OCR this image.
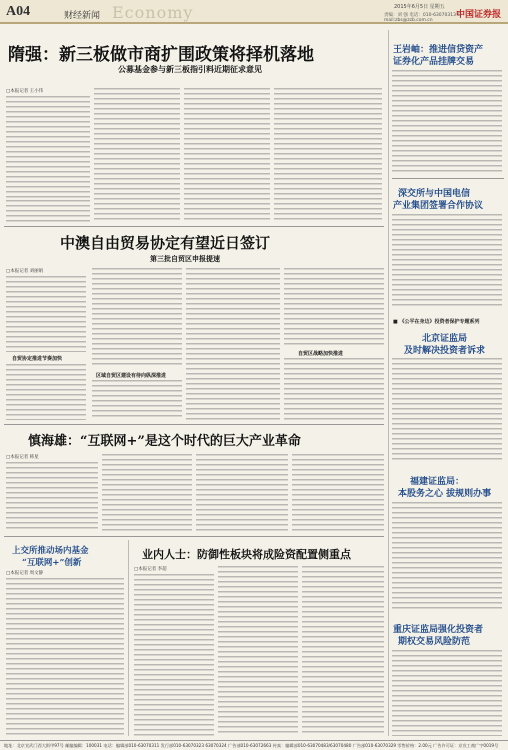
A04	财经新闻 Economy	2015年6月5日 星期五
责编：刘 强 电话：010-63070313 E-mail:zbs@zzb.com.cn
中国证券报
隋强：新三板做市商扩围政策将择机落地
公募基金参与新三板指引料近期征求意见
□本报记者 王小伟
王岩岫：推进信贷资产
证券化产品挂牌交易
深交所与中国电信
产业集团签署合作协议
■ 《公平在身边》投资者保护专题系列
北京证监局
及时解决投资者诉求
福建证监局：
本股务之心 拔规则办事
重庆证监局强化投资者
期权交易风险防范
中澳自由贸易协定有望近日签订
第三批自贸区申报提速
□本报记者 刘丽娟
自贸协定推进节奏加快
区域自贸区建设有待向纵深推进
自贸区战略加快推进
慎海雄：“互联网+”是这个时代的巨大产业革命
□本报记者 韩星
上交所推动场内基金
“互联网+”创新
□本报记者 周文静
业内人士：防御性板块将成险资配置侧重点
□本报记者 李超
地址：北京宣武门西大街甲97号 邮编编辑：100031 电话：编辑部010-63070311 发行部010-63070323 63070324 广告部010-63072663 传真：编辑部010-63070483/63070480 广告部010-63070329 零售价格：2.00元 广告许可证：京宣工商广字0019号
